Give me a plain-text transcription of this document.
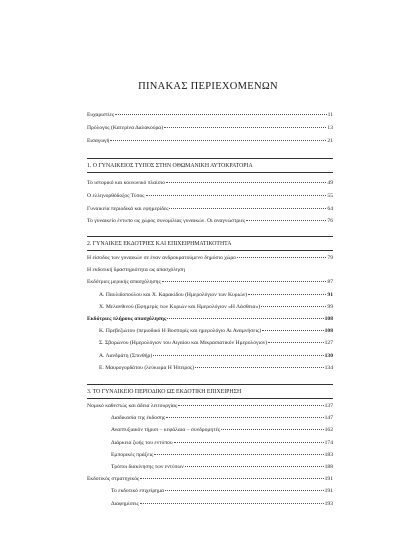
ΠΙΝΑΚΑΣ ΠΕΡΙΕΧΟΜΕΝΩΝ
Ευχαριστίες	11
Πρόλογος (Κατερίνα Δαλακούρα)	13
Εισαγωγή	21
1. Ο ΓΥΝΑΙΚΕΙΟΣ ΤΥΠΟΣ ΣΤΗΝ ΟΘΩΜΑΝΙΚΗ ΑΥΤΟΚΡΑΤΟΡΙΑ
Το ιστορικό και κοινωνικό πλαίσιο	49
Ο ελληνορθόδοξος Τύπος	55
Γυναικεία περιοδικά και εφημερίδες	64
Το γυναικείο έντυπο ως χώρος συνομιλίας γυναικών. Οι αναγνώστριες	76
2. ΓΥΝΑΙΚΕΣ ΕΚΔΟΤΡΙΕΣ ΚΑΙ ΕΠΙΧΕΙΡΗΜΑΤΙΚΟΤΗΤΑ
Η είσοδος των γυναικών σε έναν ανδροκρατούμενο δημόσιο χώρο	79
Η εκδοτική δραστηριότητα ως απασχόληση
Εκδότριες μερικής απασχόλησης	87
Α. Παυλιδοπούλου και Χ. Καρακίδου (Ημερολόγιον των Κυριών)	91
Χ. Μελανθινού (Εφημερίς των Κυριών και Ημερολόγιον «Η Λάσθεια»)	99
Εκδότριες πλήρους απασχόλησης	108
Κ. Πρεβεζιώτου (περιοδικό Η Βοσπορίς και ημερολόγιο Αι Αναμνήσεις)	108
Σ. Σβορώνου (Ημερολόγιον του Αιγαίου και Μικρασιατικόν Ημερολόγιον)	127
Α. Λανδράτη (Σπινθήρ)	130
Ε. Μαυρογορδάτου (λεύκωμα Η Ήπειρος)	134
3. ΤΟ ΓΥΝΑΙΚΕΙΟ ΠΕΡΙΟΔΙΚΟ ΩΣ ΕΚΔΟΤΙΚΗ ΕΠΙΧΕΙΡΗΣΗ
Νομικό καθεστώς και άδεια λειτουργίας	137
Διαδικασία της έκδοσης	147
Αναπτυξιακόν τήρισι – κεφάλαια – συνδρομητές	162
Διάρκεια ζωής του εντύπου	174
Εμπορικές πράξεις	183
Τρόποι διακίνησης των εντύπων	188
Εκδοτικός στρατηγικός	191
Το εκδοτικό επιχείρημα	191
Διαφημίσεις	193
